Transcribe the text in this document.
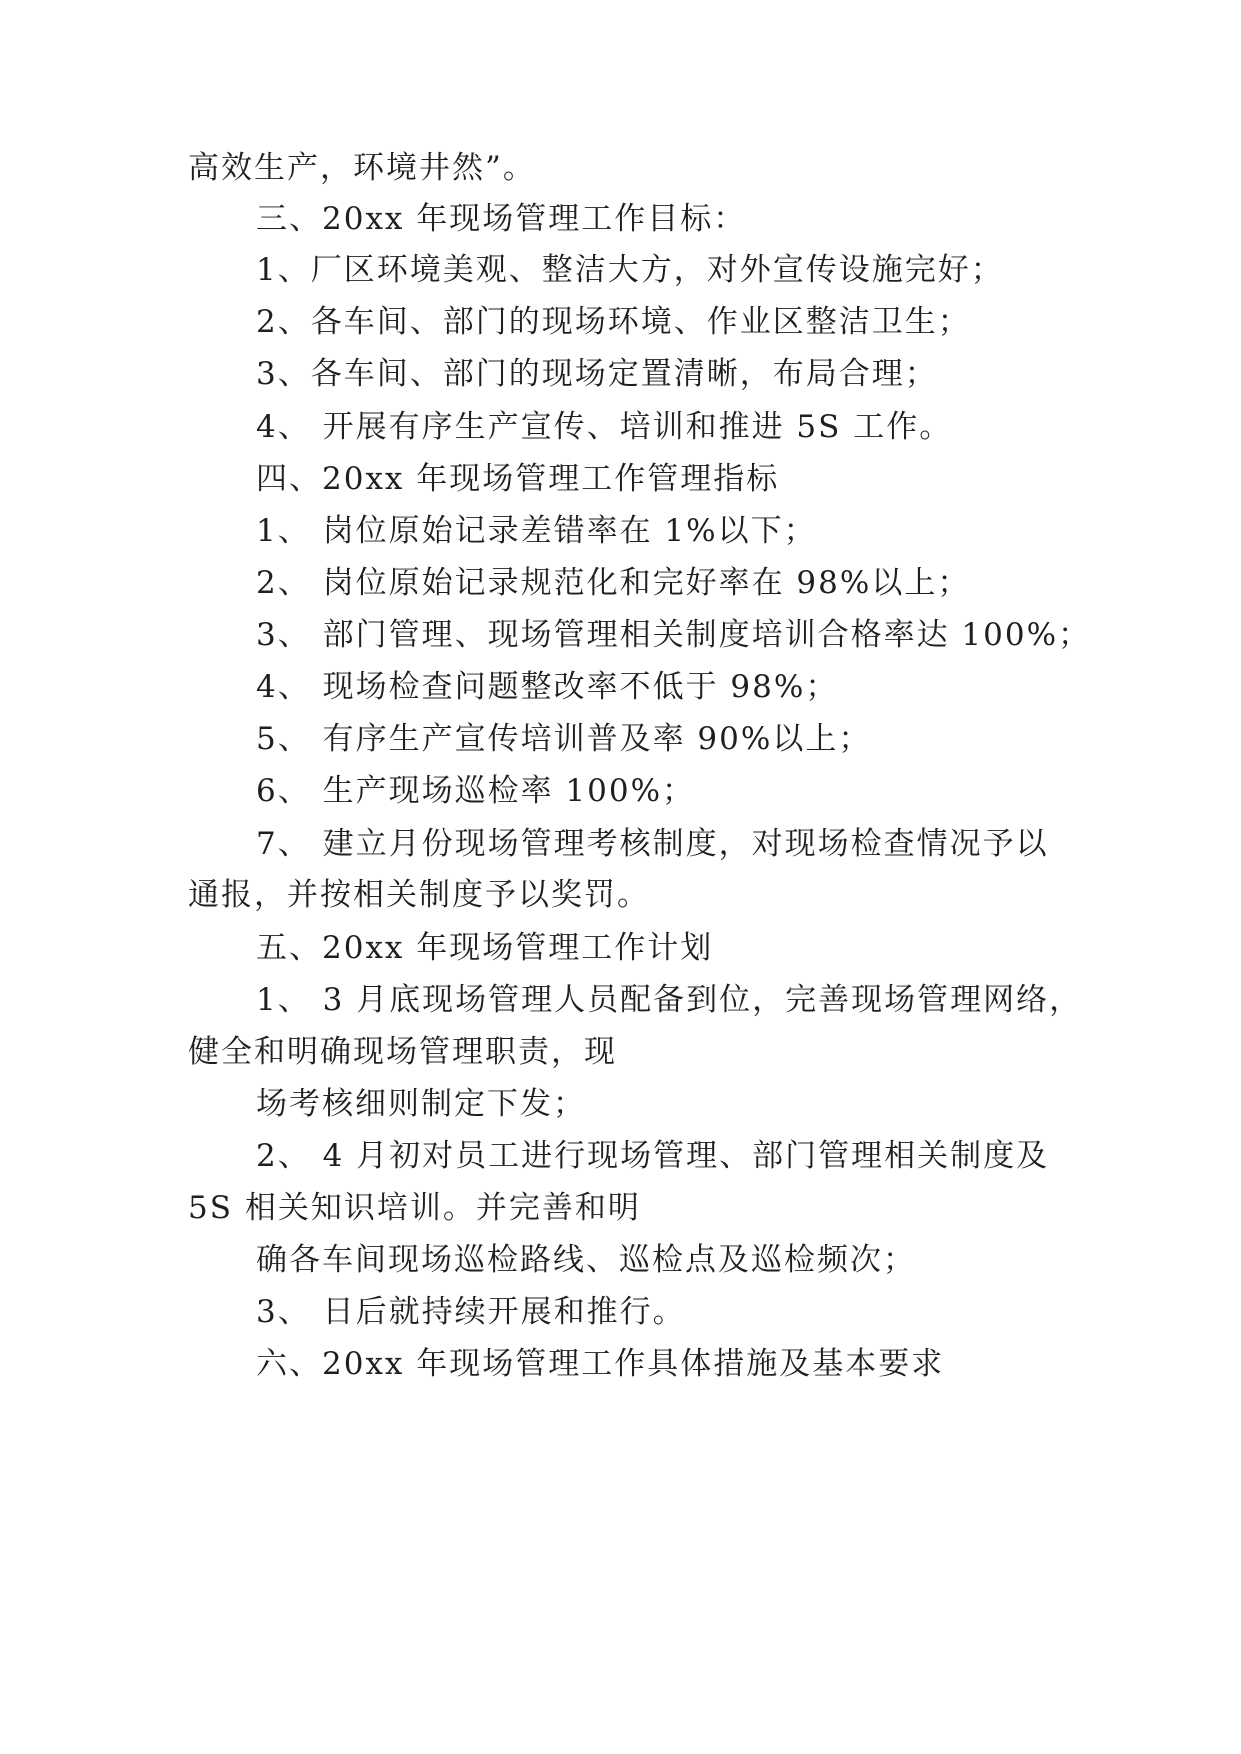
高效生产，环境井然”。

三、20xx 年现场管理工作目标：

1、厂区环境美观、整洁大方，对外宣传设施完好；

2、各车间、部门的现场环境、作业区整洁卫生；

3、各车间、部门的现场定置清晰，布局合理；

4、 开展有序生产宣传、培训和推进 5S 工作。

四、20xx 年现场管理工作管理指标

1、 岗位原始记录差错率在 1%以下；

2、 岗位原始记录规范化和完好率在 98%以上；

3、 部门管理、现场管理相关制度培训合格率达 100%；

4、 现场检查问题整改率不低于 98%；

5、 有序生产宣传培训普及率 90%以上；

6、 生产现场巡检率 100%；

7、 建立月份现场管理考核制度，对现场检查情况予以

通报，并按相关制度予以奖罚。

五、20xx 年现场管理工作计划

1、 3 月底现场管理人员配备到位，完善现场管理网络，

健全和明确现场管理职责，现

场考核细则制定下发；

2、 4 月初对员工进行现场管理、部门管理相关制度及

5S 相关知识培训。并完善和明

确各车间现场巡检路线、巡检点及巡检频次；

3、 日后就持续开展和推行。

六、20xx 年现场管理工作具体措施及基本要求
